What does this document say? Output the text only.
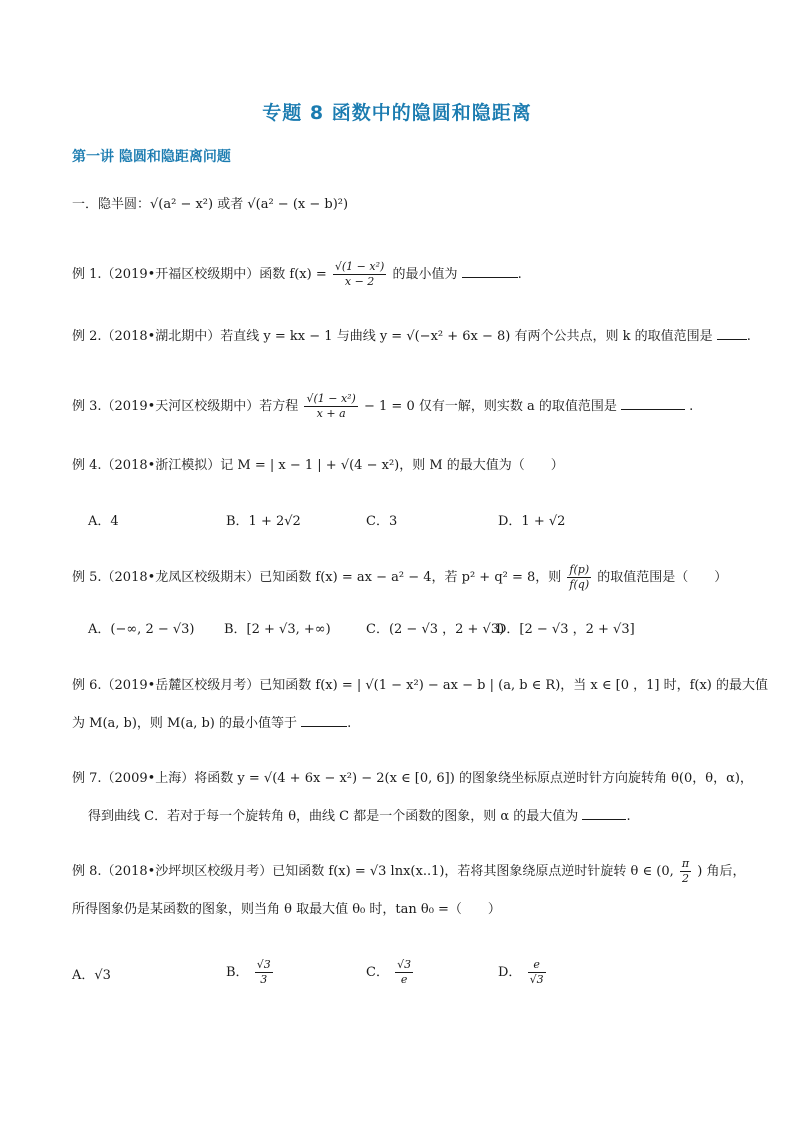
专题 8 函数中的隐圆和隐距离
第一讲 隐圆和隐距离问题
一．隐半圆：√(a² − x²) 或者 √(a² − (x − b)²)
例 1.（2019•开福区校级期中）函数 $f(x) = \frac{\text{√(1 − x²)}}{x - 2}$ 的最小值为	.
例 2.（2018•湖北期中）若直线 y = kx − 1 与曲线 y = √(−x² + 6x − 8) 有两个公共点，则 k 的取值范围是	.
例 3.（2019•天河区校级期中）若方程 $\frac{\text{√(1 − x²)}}{x + a} - 1 = 0$ 仅有一解，则实数 a 的取值范围是	.
例 4.（2018•浙江模拟）记 M = | x − 1 | + √(4 − x²)，则 M 的最大值为（　　）
A．4	B．1 + 2√2	C．3	D．1 + √2
例 5.（2018•龙凤区校级期末）已知函数 f(x) = ax − a² − 4，若 p² + q² = 8，则 $\frac{f(p)}{f(q)}$ 的取值范围是（　　）
A．(−∞, 2 − √3) B．[2 + √3, +∞)	C．(2 − √3 ，2 + √3)
D．[2 − √3 ，2 + √3]
例 6.（2019•岳麓区校级月考）已知函数 f(x) = | √(1 − x²) − ax − b | (a, b ∈ R)，当 x ∈ [0 ，1] 时，f(x) 的最大值
为 M(a, b)，则 M(a, b) 的最小值等于	.
例 7.（2009•上海）将函数 y = √(4 + 6x − x²) − 2(x ∈ [0, 6]) 的图象绕坐标原点逆时针方向旋转角 θ(0，θ，α)，
得到曲线 C．若对于每一个旋转角 θ，曲线 C 都是一个函数的图象，则 α 的最大值为	.
例 8.（2018•沙坪坝区校级月考）已知函数 f(x) = √3 lnx(x..1)，若将其图象绕原点逆时针旋转 θ ∈ (0, $\frac{\pi}{2}$ ) 角后，
所得图象仍是某函数的图象，则当角 θ 取最大值 θ₀ 时，tan θ₀ =（　　）
A．√3	B． $\frac{√3}{3}$	C． $\frac{√3}{e}$	D． $\frac{e}{√3}$
